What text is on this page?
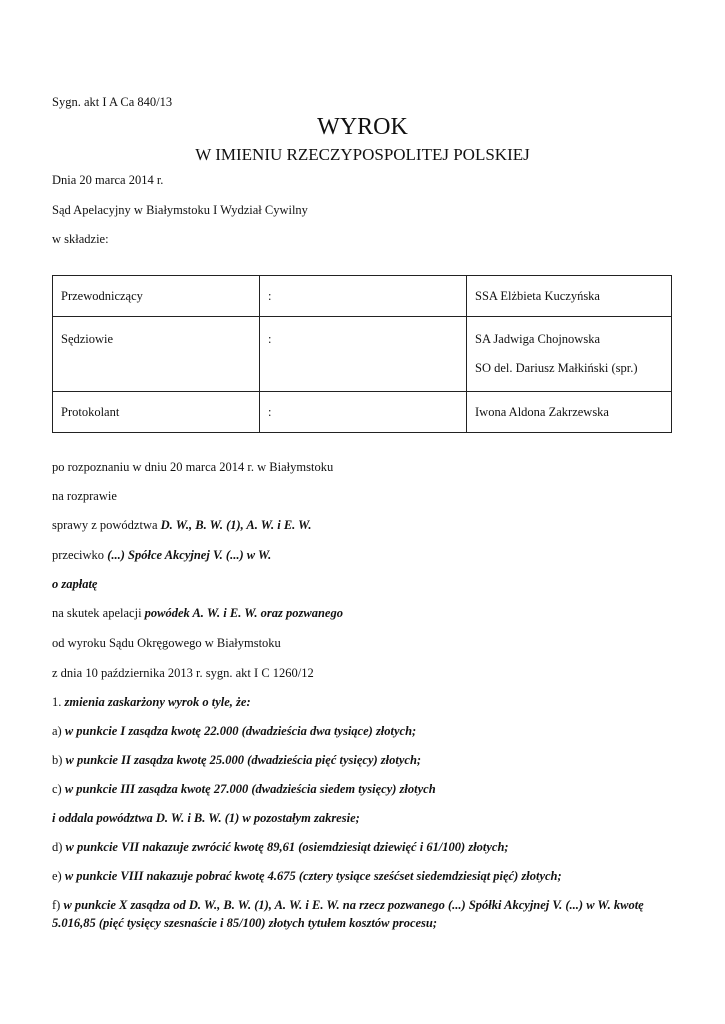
Sygn. akt I A Ca 840/13
WYROK
W IMIENIU RZECZYPOSPOLITEJ POLSKIEJ
Dnia 20 marca 2014 r.
Sąd Apelacyjny w Białymstoku I Wydział Cywilny
w składzie:
Przewodniczący	:	SSA Elżbieta Kuczyńska

Sędziowie	:	SA Jadwiga Chojnowska
SO del. Dariusz Małkiński (spr.)

Protokolant	:	Iwona Aldona Zakrzewska
po rozpoznaniu w dniu 20 marca 2014 r. w Białymstoku
na rozprawie
sprawy z powództwa D. W., B. W. (1), A. W. i E. W.
przeciwko (...) Spółce Akcyjnej V. (...) w W.
o zapłatę
na skutek apelacji powódek A. W. i E. W. oraz pozwanego
od wyroku Sądu Okręgowego w Białymstoku
z dnia 10 października 2013 r. sygn. akt I C 1260/12
1. zmienia zaskarżony wyrok o tyle, że:
a) w punkcie I zasądza kwotę 22.000 (dwadzieścia dwa tysiące) złotych;
b) w punkcie II zasądza kwotę 25.000 (dwadzieścia pięć tysięcy) złotych;
c) w punkcie III zasądza kwotę 27.000 (dwadzieścia siedem tysięcy) złotych
i oddala powództwa D. W. i B. W. (1) w pozostałym zakresie;
d) w punkcie VII nakazuje zwrócić kwotę 89,61 (osiemdziesiąt dziewięć i 61/100) złotych;
e) w punkcie VIII nakazuje pobrać kwotę 4.675 (cztery tysiące sześćset siedemdziesiąt pięć) złotych;
f) w punkcie X zasądza od D. W., B. W. (1), A. W. i E. W. na rzecz pozwanego (...) Spółki Akcyjnej V. (...) w W. kwotę 5.016,85 (pięć tysięcy szesnaście i 85/100) złotych tytułem kosztów procesu;
